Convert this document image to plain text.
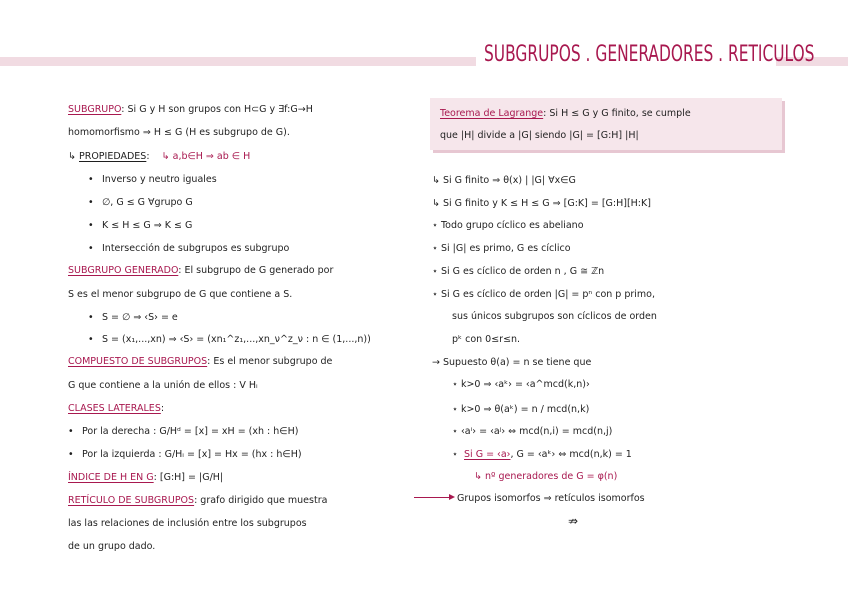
SUBGRUPOS . GENERADORES . RETICULOS
SUBGRUPO: Si G y H son grupos con H⊂G y ∃f:G→H
homomorfismo ⇒ H ≤ G (H es subgrupo de G).
↳ PROPIEDADES: ↳ a,b∈H ⇒ ab ∈ H
• Inverso y neutro iguales
• ∅, G ≤ G ∀grupo G
• K ≤ H ≤ G ⇒ K ≤ G
• Intersección de subgrupos es subgrupo
SUBGRUPO GENERADO: El subgrupo de G generado por
S es el menor subgrupo de G que contiene a S.
• S = ∅ ⇒ ‹S› = e
• S = (x₁,...,xn) ⇒ ‹S› = (xn₁^z₁,...,xn_ν^z_ν : n ∈ (1,...,n))
COMPUESTO DE SUBGRUPOS: Es el menor subgrupo de
G que contiene a la unión de ellos : V Hᵢ
CLASES LATERALES:
• Por la derecha : G/Hᵈ = [x] = xH = (xh : h∈H)
• Por la izquierda : G/Hᵢ = [x] = Hx = (hx : h∈H)
ÍNDICE DE H EN G: [G:H] = |G/H|
RETÍCULO DE SUBGRUPOS: grafo dirigido que muestra
las las relaciones de inclusión entre los subgrupos
de un grupo dado.
Teorema de Lagrange: Si H ≤ G y G finito, se cumple
que |H| divide a |G| siendo |G| = [G:H] |H|
↳ Si G finito ⇒ θ(x) | |G| ∀x∈G
↳ Si G finito y K ≤ H ≤ G ⇒ [G:K] = [G:H][H:K]
⋆ Todo grupo cíclico es abeliano
⋆ Si |G| es primo, G es cíclico
⋆ Si G es cíclico de orden n , G ≅ ℤn
⋆ Si G es cíclico de orden |G| = pⁿ con p primo,
sus únicos subgrupos son cíclicos de orden
pᵏ con 0≤r≤n.
→ Supuesto θ(a) = n se tiene que
⋆ k>0 ⇒ ‹aᵏ› = ‹a^mcd(k,n)›
⋆ k>0 ⇒ θ(aᵏ) = n / mcd(n,k)
⋆ ‹aⁱ› = ‹aʲ› ⇔ mcd(n,i) = mcd(n,j)
⋆  Si G = ‹a›, G = ‹aᵏ› ⇔ mcd(n,k) = 1
↳ nº generadores de G = φ(n)
Grupos isomorfos ⇒ retículos isomorfos
⇏
